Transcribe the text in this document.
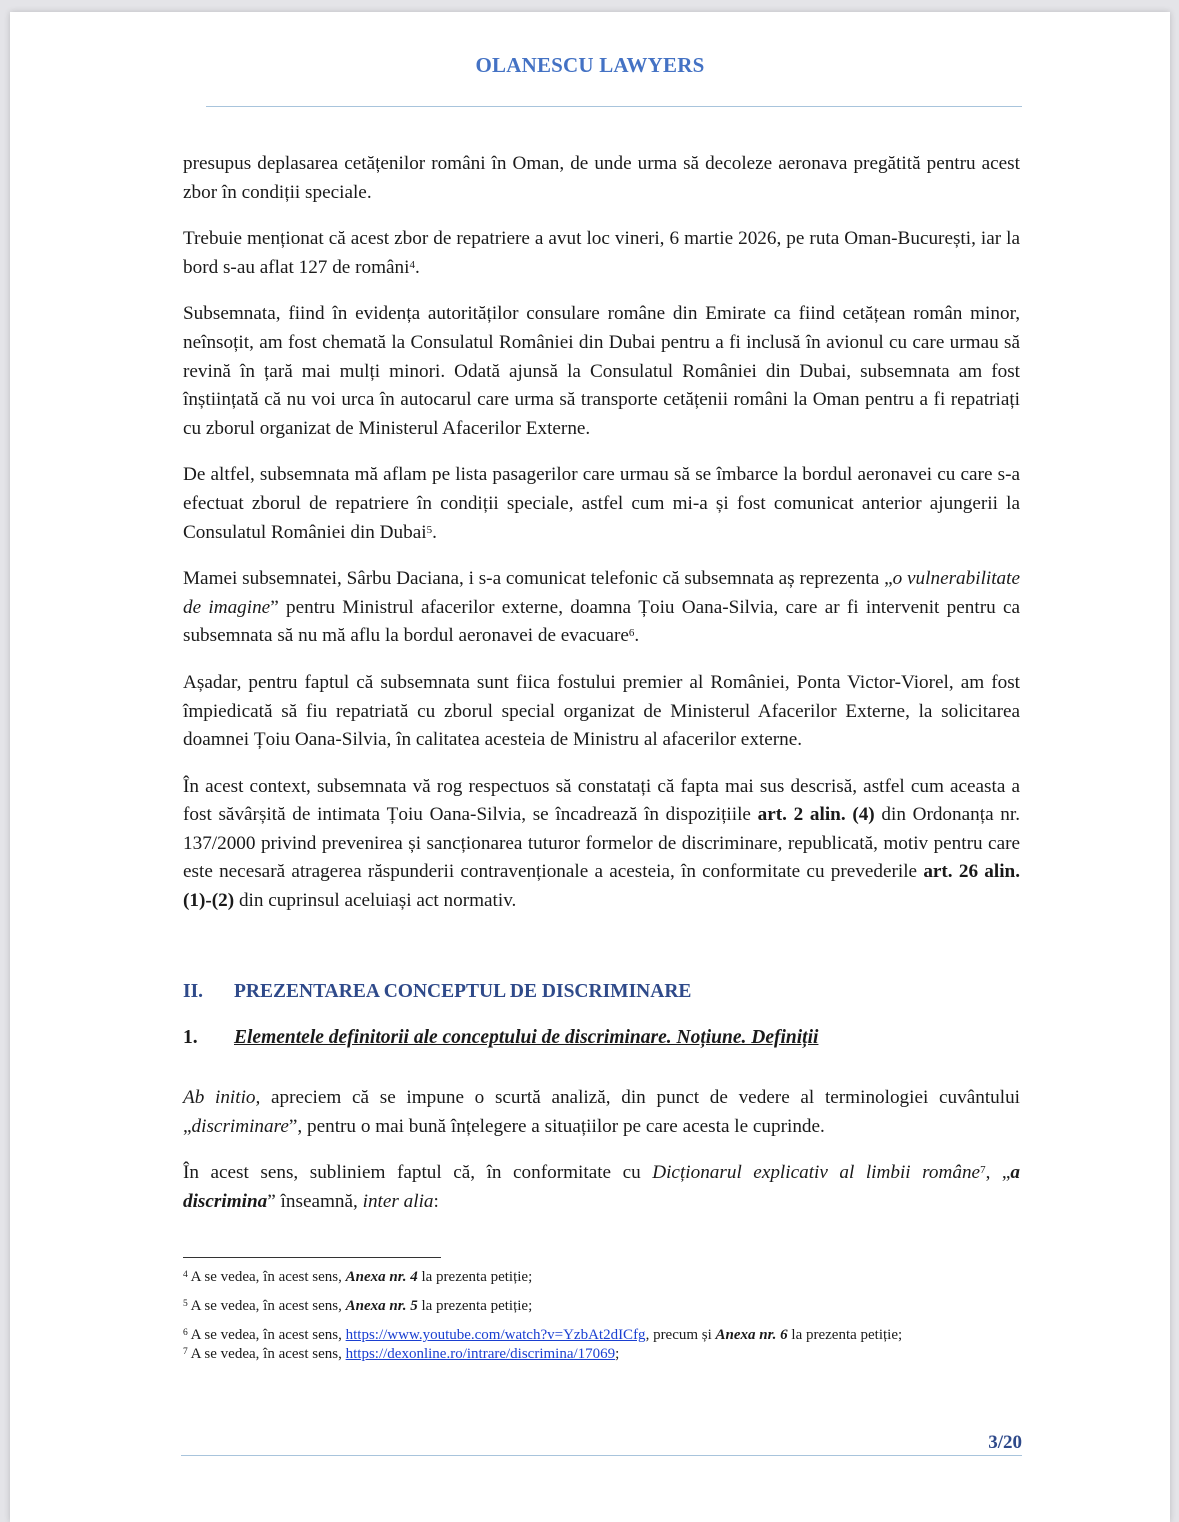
OLANESCU LAWYERS

presupus deplasarea cetățenilor români în Oman, de unde urma să decoleze aeronava pregătită pentru acest zbor în condiții speciale.

Trebuie menționat că acest zbor de repatriere a avut loc vineri, 6 martie 2026, pe ruta Oman-București, iar la bord s-au aflat 127 de români$^4$.

Subsemnata, fiind în evidența autorităților consulare române din Emirate ca fiind cetățean român minor, neînsoțit, am fost chemată la Consulatul României din Dubai pentru a fi inclusă în avionul cu care urmau să revină în țară mai mulți minori. Odată ajunsă la Consulatul României din Dubai, subsemnata am fost înștiințată că nu voi urca în autocarul care urma să transporte cetățenii români la Oman pentru a fi repatriați cu zborul organizat de Ministerul Afacerilor Externe.

De altfel, subsemnata mă aflam pe lista pasagerilor care urmau să se îmbarce la bordul aeronavei cu care s-a efectuat zborul de repatriere în condiții speciale, astfel cum mi-a și fost comunicat anterior ajungerii la Consulatul României din Dubai$^5$.

Mamei subsemnatei, Sârbu Daciana, i s-a comunicat telefonic că subsemnata aș reprezenta „o vulnerabilitate de imagine” pentru Ministrul afacerilor externe, doamna Țoiu Oana-Silvia, care ar fi intervenit pentru ca subsemnata să nu mă aflu la bordul aeronavei de evacuare$^6$.

Așadar, pentru faptul că subsemnata sunt fiica fostului premier al României, Ponta Victor-Viorel, am fost împiedicată să fiu repatriată cu zborul special organizat de Ministerul Afacerilor Externe, la solicitarea doamnei Țoiu Oana-Silvia, în calitatea acesteia de Ministru al afacerilor externe.

În acest context, subsemnata vă rog respectuos să constatați că fapta mai sus descrisă, astfel cum aceasta a fost săvârșită de intimata Țoiu Oana-Silvia, se încadrează în dispozițiile art. 2 alin. (4) din Ordonanța nr. 137/2000 privind prevenirea și sancționarea tuturor formelor de discriminare, republicată, motiv pentru care este necesară atragerea răspunderii contravenționale a acesteia, în conformitate cu prevederile art. 26 alin. (1)-(2) din cuprinsul aceluiași act normativ.

II. PREZENTAREA CONCEPTUL DE DISCRIMINARE
1. Elementele definitorii ale conceptului de discriminare. Noțiune. Definiții

Ab initio, apreciem că se impune o scurtă analiză, din punct de vedere al terminologiei cuvântului „discriminare”, pentru o mai bună înțelegere a situațiilor pe care acesta le cuprinde.

În acest sens, subliniem faptul că, în conformitate cu Dicționarul explicativ al limbii române$^7$, „a discrimina” înseamnă, inter alia:

$^4$ A se vedea, în acest sens, Anexa nr. 4 la prezenta petiție;
$^5$ A se vedea, în acest sens, Anexa nr. 5 la prezenta petiție;
$^6$ A se vedea, în acest sens, https://www.youtube.com/watch?v=YzbAt2dICfg, precum și Anexa nr. 6 la prezenta petiție;
$^7$ A se vedea, în acest sens, https://dexonline.ro/intrare/discrimina/17069;
3/20
